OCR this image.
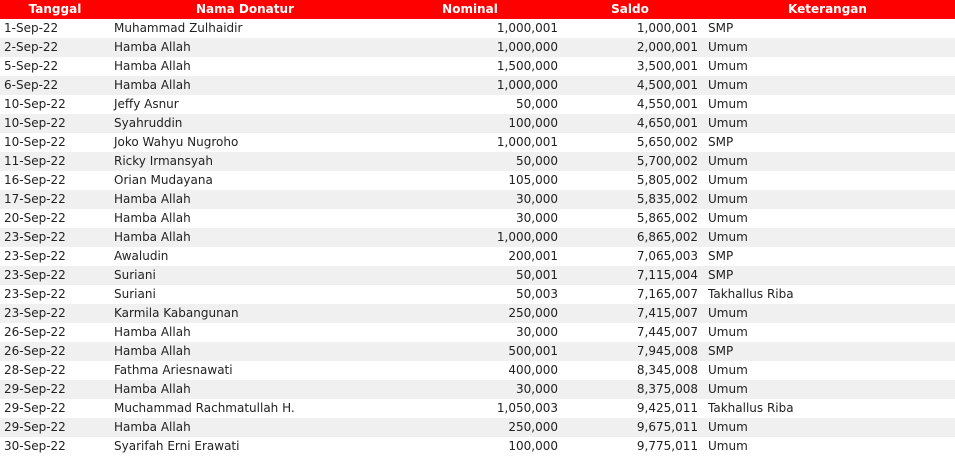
Tanggal	Nama Donatur	Nominal	Saldo	Keterangan
1-Sep-22	Muhammad Zulhaidir	1,000,001	1,000,001	SMP
2-Sep-22	Hamba Allah	1,000,000	2,000,001	Umum
5-Sep-22	Hamba Allah	1,500,000	3,500,001	Umum
6-Sep-22	Hamba Allah	1,000,000	4,500,001	Umum
10-Sep-22	Jeffy Asnur	50,000	4,550,001	Umum
10-Sep-22	Syahruddin	100,000	4,650,001	Umum
10-Sep-22	Joko Wahyu Nugroho	1,000,001	5,650,002	SMP
11-Sep-22	Ricky Irmansyah	50,000	5,700,002	Umum
16-Sep-22	Orian Mudayana	105,000	5,805,002	Umum
17-Sep-22	Hamba Allah	30,000	5,835,002	Umum
20-Sep-22	Hamba Allah	30,000	5,865,002	Umum
23-Sep-22	Hamba Allah	1,000,000	6,865,002	Umum
23-Sep-22	Awaludin	200,001	7,065,003	SMP
23-Sep-22	Suriani	50,001	7,115,004	SMP
23-Sep-22	Suriani	50,003	7,165,007	Takhallus Riba
23-Sep-22	Karmila Kabangunan	250,000	7,415,007	Umum
26-Sep-22	Hamba Allah	30,000	7,445,007	Umum
26-Sep-22	Hamba Allah	500,001	7,945,008	SMP
28-Sep-22	Fathma Ariesnawati	400,000	8,345,008	Umum
29-Sep-22	Hamba Allah	30,000	8,375,008	Umum
29-Sep-22	Muchammad Rachmatullah H.	1,050,003	9,425,011	Takhallus Riba
29-Sep-22	Hamba Allah	250,000	9,675,011	Umum
30-Sep-22	Syarifah Erni Erawati	100,000	9,775,011	Umum
